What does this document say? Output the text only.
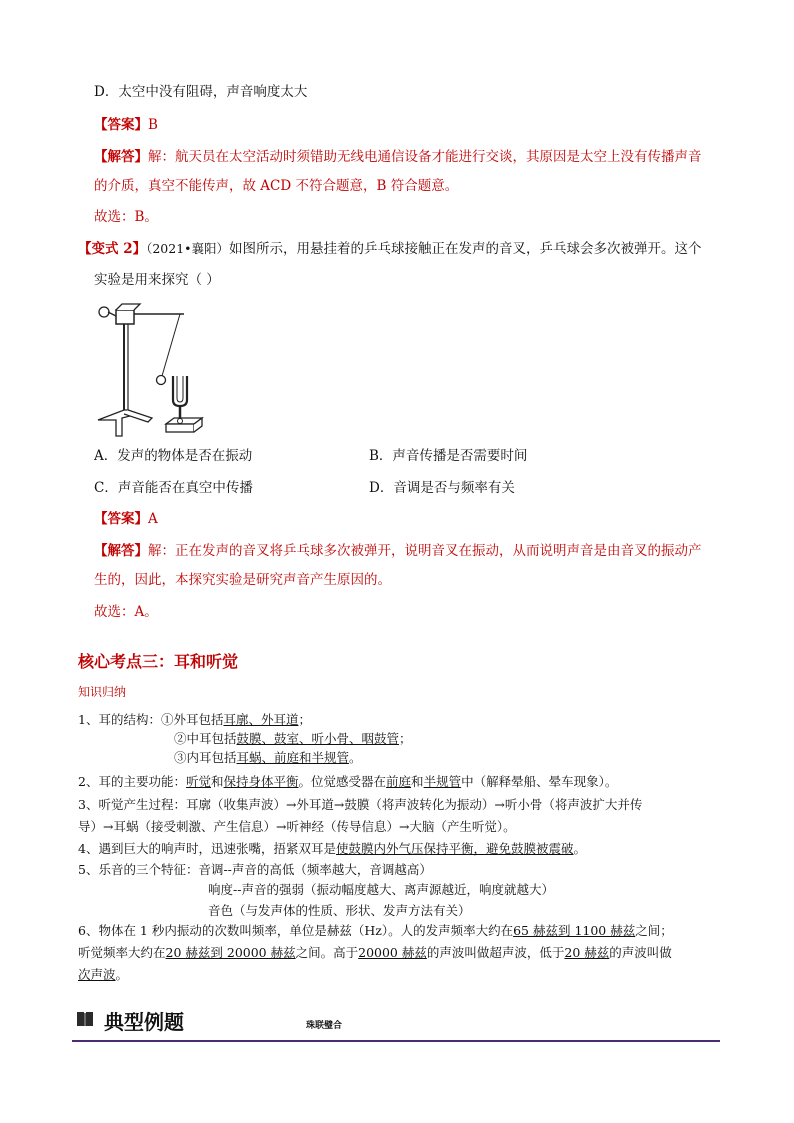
D．太空中没有阻碍，声音响度太大
【答案】B
【解答】解：航天员在太空活动时须错助无线电通信设备才能进行交谈，其原因是太空上没有传播声音
的介质，真空不能传声，故 ACD 不符合题意，B 符合题意。
故选：B。
【变式 2】（2021•襄阳）如图所示，用悬挂着的乒乓球接触正在发声的音叉，乒乓球会多次被弹开。这个
实验是用来探究（ ）
A．发声的物体是否在振动	B．声音传播是否需要时间
C．声音能否在真空中传播	D．音调是否与频率有关
【答案】A
【解答】解：正在发声的音叉将乒乓球多次被弹开，说明音叉在振动，从而说明声音是由音叉的振动产
生的，因此，本探究实验是研究声音产生原因的。
故选：A。
核心考点三：耳和听觉
知识归纳
1、耳的结构：①外耳包括耳廓、外耳道；
②中耳包括鼓膜、鼓室、听小骨、咽鼓管；
③内耳包括耳蜗、前庭和半规管。
2、耳的主要功能：听觉和保持身体平衡。位觉感受器在前庭和半规管中（解释晕船、晕车现象）。
3、听觉产生过程：耳廓（收集声波）→外耳道→鼓膜（将声波转化为振动）→听小骨（将声波扩大并传
导）→耳蜗（接受刺激、产生信息）→听神经（传导信息）→大脑（产生听觉）。
4、遇到巨大的响声时，迅速张嘴，捂紧双耳是使鼓膜内外气压保持平衡，避免鼓膜被震破。
5、乐音的三个特征：音调--声音的高低（频率越大，音调越高）
响度--声音的强弱（振动幅度越大、离声源越近，响度就越大）
音色（与发声体的性质、形状、发声方法有关）
6、物体在 1 秒内振动的次数叫频率，单位是赫兹（Hz）。人的发声频率大约在65 赫兹到 1100 赫兹之间；
听觉频率大约在20 赫兹到 20000 赫兹之间。高于20000 赫兹的声波叫做超声波，低于20 赫兹的声波叫做
次声波。
典型例题	珠联璧合
